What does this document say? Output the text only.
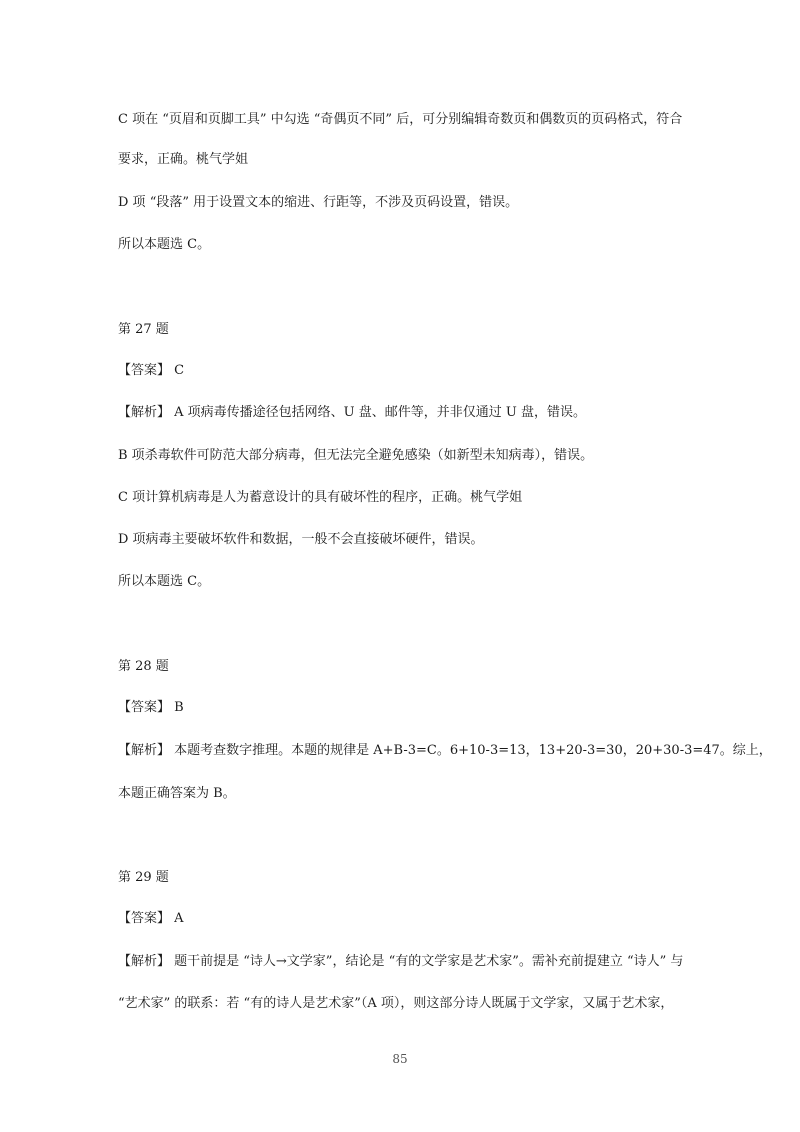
C 项在 “页眉和页脚工具” 中勾选 “奇偶页不同” 后，可分别编辑奇数页和偶数页的页码格式，符合
要求，正确。桃气学姐
D 项 “段落” 用于设置文本的缩进、行距等，不涉及页码设置，错误。
所以本题选 C。
第 27 题
【答案】 C
【解析】 A 项病毒传播途径包括网络、U 盘、邮件等，并非仅通过 U 盘，错误。
B 项杀毒软件可防范大部分病毒，但无法完全避免感染（如新型未知病毒），错误。
C 项计算机病毒是人为蓄意设计的具有破坏性的程序，正确。桃气学姐
D 项病毒主要破坏软件和数据，一般不会直接破坏硬件，错误。
所以本题选 C。
第 28 题
【答案】 B
【解析】 本题考查数字推理。本题的规律是 A+B-3=C。6+10-3=13，13+20-3=30，20+30-3=47。综上，
本题正确答案为 B。
第 29 题
【答案】 A
【解析】 题干前提是 “诗人→文学家”，结论是 “有的文学家是艺术家”。需补充前提建立 “诗人” 与
“艺术家” 的联系：若 “有的诗人是艺术家”（A 项），则这部分诗人既属于文学家，又属于艺术家，
85
